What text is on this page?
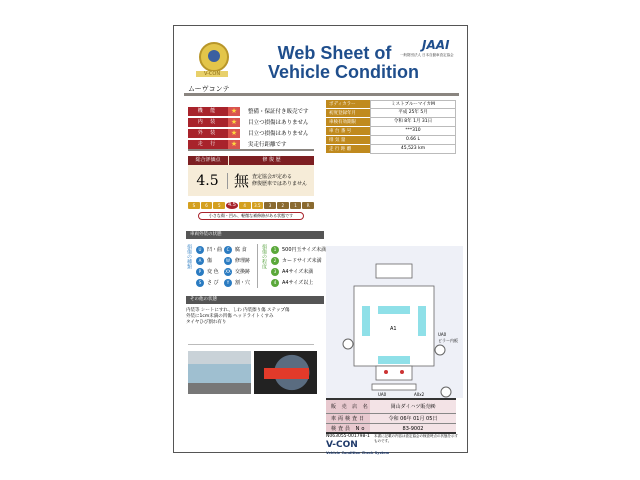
V-CON
Web Sheet of
Vehicle Condition
JAAI
一般財団法人 日本自動車査定協会
ムーヴコンテ
総合評価点	修 復 歴
4.5	無 査定協会が定める
修復歴車ではありません
S	6	5	4.5	4	3.5	3	2	1	R
小さな傷・凹み、軽微な補修跡がある状態です
車両外装の状態
損傷の種類	U	凹・曲	C	腐 食
A	傷	W	修理跡
P	変 色	XX 交換跡
S	さ び	Y	割・穴
損傷の程度	1	500円玉サイズ未満
2	カードサイズ未満
3	A4サイズ未満
4	A4サイズ以上
その他の状態
内装等 シートにすれ、しわ 内装擦り傷 ステップ傷
外装に1cm未満の凹傷 ヘッドライトくすみ
タイヤひび割れ有り
A1
UA0
ピラー内板
UA0	A0x2
販 売 店 名	岡山ダイハツ販売㈱
車両検査日	令和 06年 01月 05日
検査員 No	83-9002
N063055-001798-1
V-CON
Vehicle Condition Check System
本書に記載の内容は査定協会の検査時点の状態を示すものです。
機 能	★	整備・保証付き販売です
内 装	★	目立つ損傷はありません
外 装	★	目立つ損傷はありません
走 行	★	実走行距離です
ボディカラー	ミストブルーマイカM
初度登録年月	平成 25年 5月
車検有効期限	令和 8年 1月 31日
車 台 番 号	***310
排 気 量	0.66 L
走 行 距 離	45,523 km
